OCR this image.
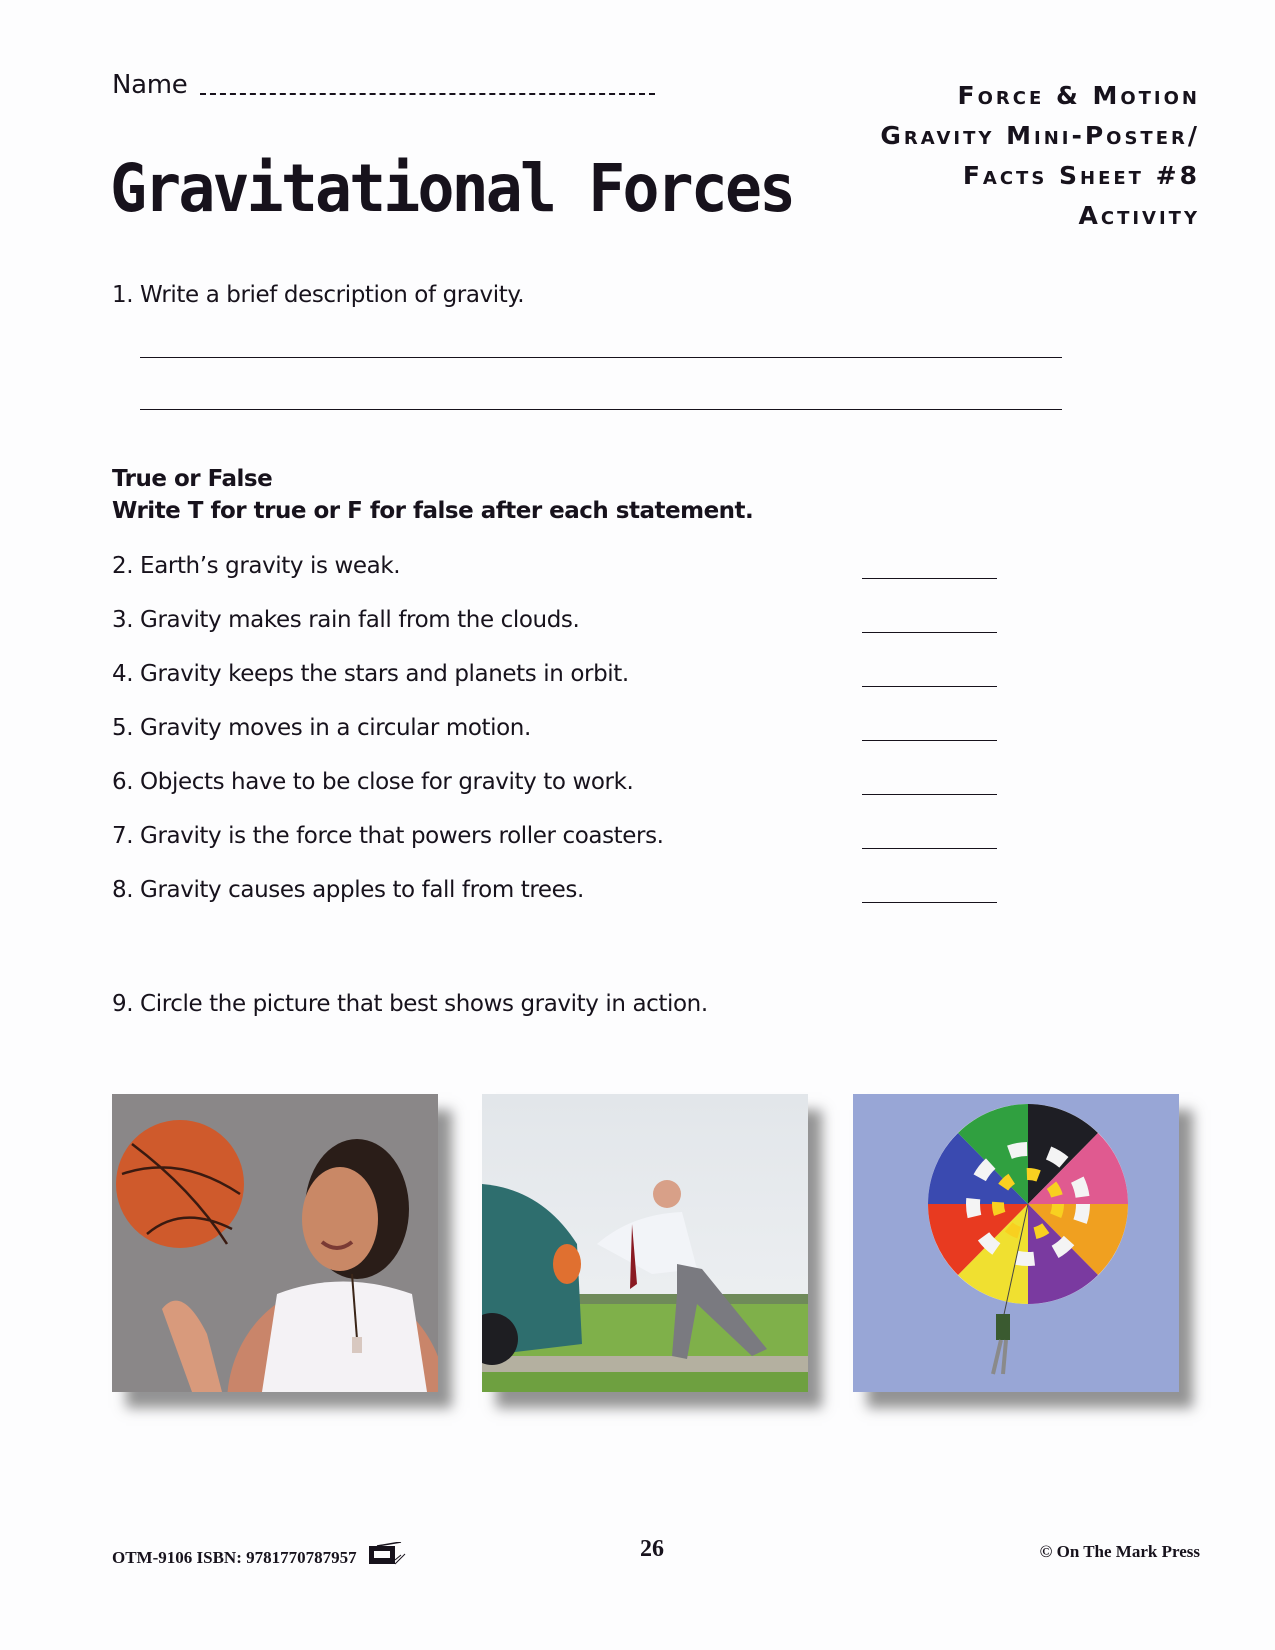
Name
Gravitational Forces
Force & Motion
Gravity Mini-Poster/
Facts Sheet #8
Activity
1. Write a brief description of gravity.
True or False
Write T for true or F for false after each statement.
2. Earth’s gravity is weak.
3. Gravity makes rain fall from the clouds.
4. Gravity keeps the stars and planets in orbit.
5. Gravity moves in a circular motion.
6. Objects have to be close for gravity to work.
7. Gravity is the force that powers roller coasters.
8. Gravity causes apples to fall from trees.
9. Circle the picture that best shows gravity in action.
OTM-9106 ISBN: 9781770787957	26	© On The Mark Press
